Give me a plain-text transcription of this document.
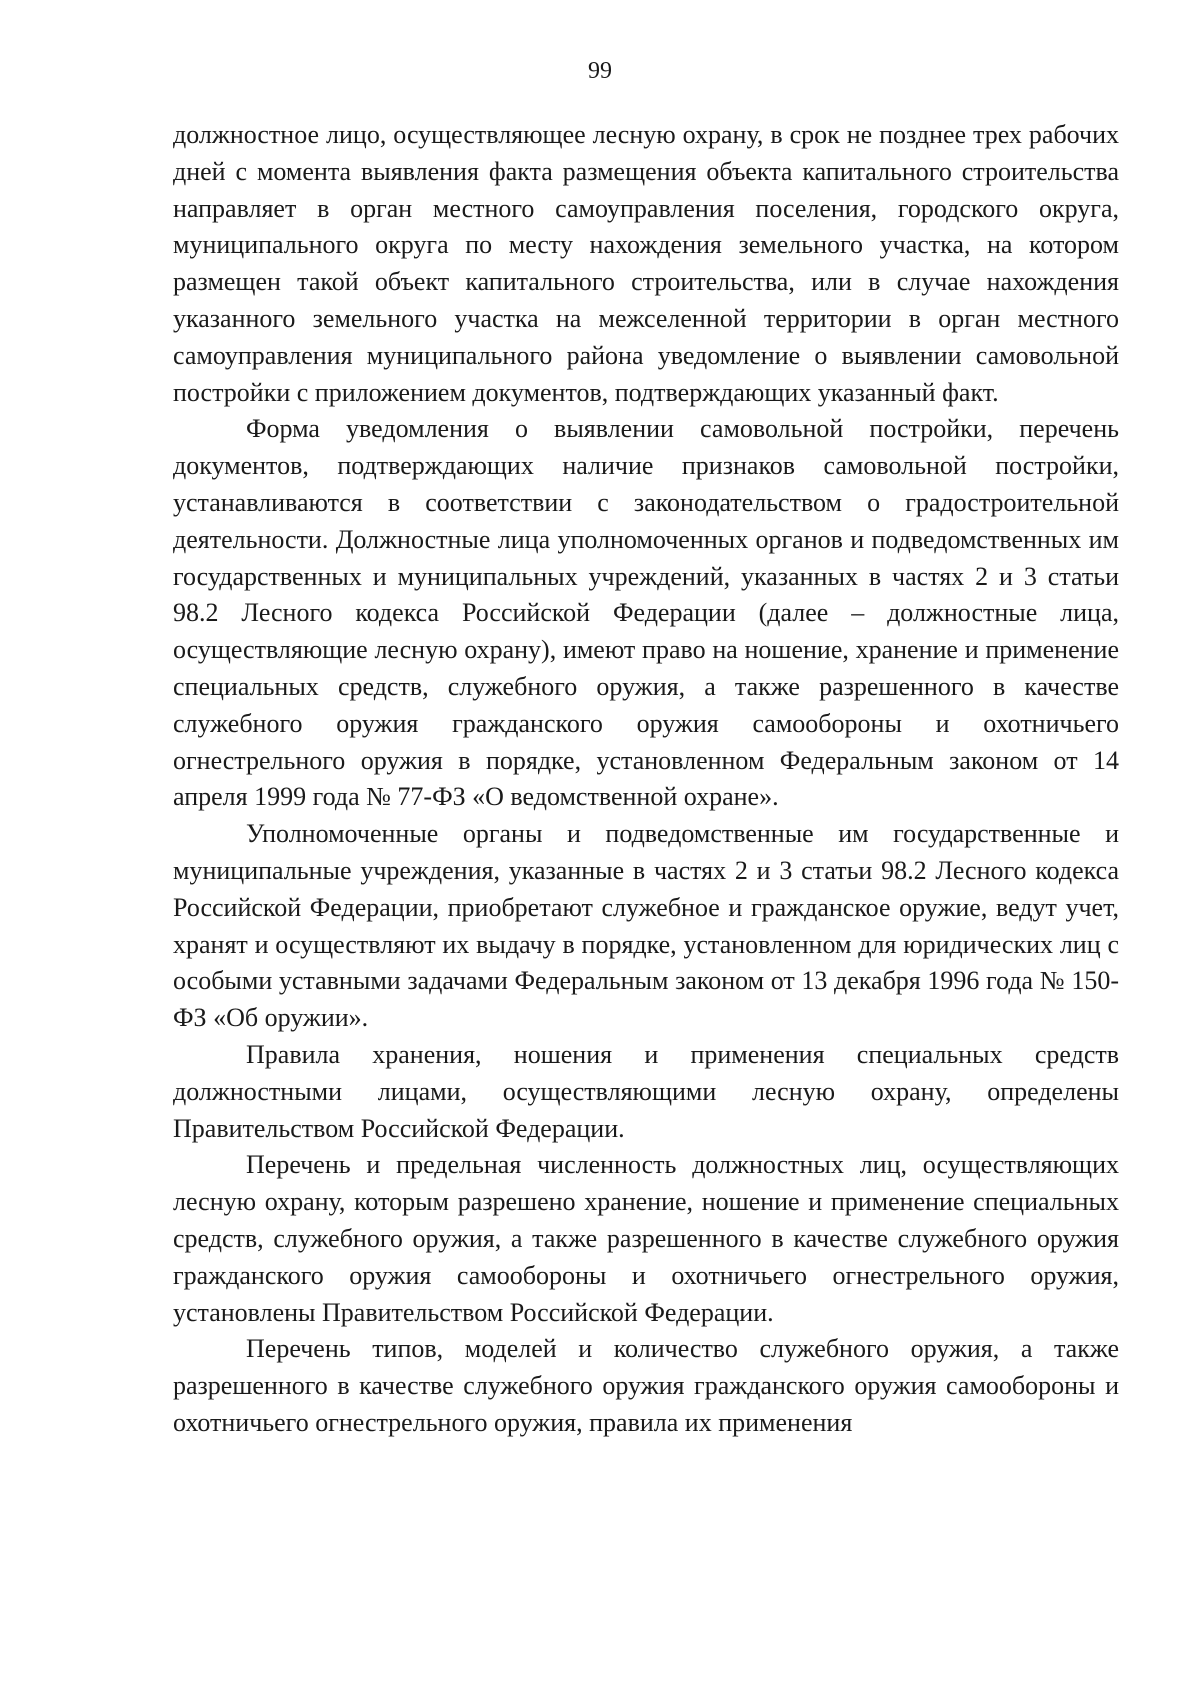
99

должностное лицо, осуществляющее лесную охрану, в срок не позднее трех рабочих дней с момента выявления факта размещения объекта капитального строительства направляет в орган местного самоуправления поселения, городского округа, муниципального округа по месту нахождения земельного участка, на котором размещен такой объект капитального строительства, или в случае нахождения указанного земельного участка на межселенной территории в орган местного самоуправления муниципального района уведомление о выявлении самовольной постройки с приложением документов, подтверждающих указанный факт.

Форма уведомления о выявлении самовольной постройки, перечень документов, подтверждающих наличие признаков самовольной постройки, устанавливаются в соответствии с законодательством о градостроительной деятельности. Должностные лица уполномоченных органов и подведомственных им государственных и муниципальных учреждений, указанных в частях 2 и 3 статьи 98.2 Лесного кодекса Российской Федерации (далее – должностные лица, осуществляющие лесную охрану), имеют право на ношение, хранение и применение специальных средств, служебного оружия, а также разрешенного в качестве служебного оружия гражданского оружия самообороны и охотничьего огнестрельного оружия в порядке, установленном Федеральным законом от 14 апреля 1999 года № 77-ФЗ «О ведомственной охране».

Уполномоченные органы и подведомственные им государственные и муниципальные учреждения, указанные в частях 2 и 3 статьи 98.2 Лесного кодекса Российской Федерации, приобретают служебное и гражданское оружие, ведут учет, хранят и осуществляют их выдачу в порядке, установленном для юридических лиц с особыми уставными задачами Федеральным законом от 13 декабря 1996 года № 150-ФЗ «Об оружии».

Правила хранения, ношения и применения специальных средств должностными лицами, осуществляющими лесную охрану, определены Правительством Российской Федерации.

Перечень и предельная численность должностных лиц, осуществляющих лесную охрану, которым разрешено хранение, ношение и применение специальных средств, служебного оружия, а также разрешенного в качестве служебного оружия гражданского оружия самообороны и охотничьего огнестрельного оружия, установлены Правительством Российской Федерации.

Перечень типов, моделей и количество служебного оружия, а также разрешенного в качестве служебного оружия гражданского оружия самообороны и охотничьего огнестрельного оружия, правила их применения
